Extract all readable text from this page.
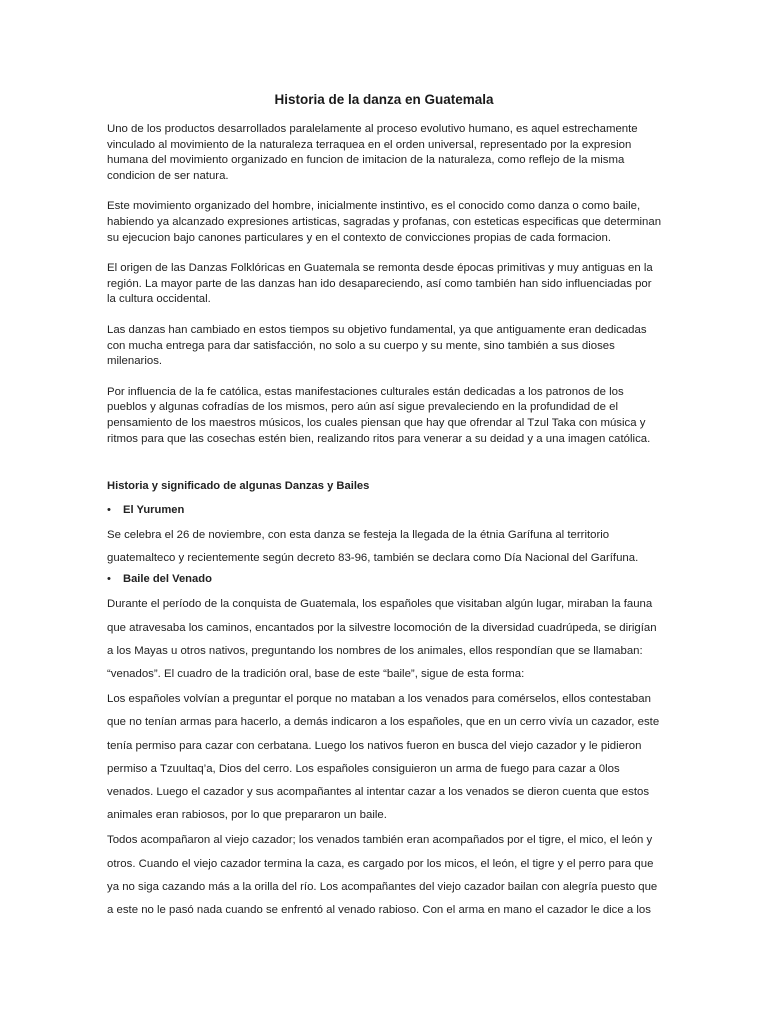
Historia de la danza en Guatemala

Uno de los productos desarrollados paralelamente al proceso evolutivo humano, es aquel estrechamente vinculado al movimiento de la naturaleza terraquea en el orden universal, representado por la expresion humana del movimiento organizado en funcion de imitacion de la naturaleza, como reflejo de la misma condicion de ser natura.

Este movimiento organizado del hombre, inicialmente instintivo, es el conocido como danza o como baile, habiendo ya alcanzado expresiones artisticas, sagradas y profanas, con esteticas especificas que determinan su ejecucion bajo canones particulares y en el contexto de convicciones propias de cada formacion.

El origen de las Danzas Folklóricas en Guatemala se remonta desde épocas primitivas y muy antiguas en la región. La mayor parte de las danzas han ido desapareciendo, así como también han sido influenciadas por la cultura occidental.

Las danzas han cambiado en estos tiempos su objetivo fundamental, ya que antiguamente eran dedicadas con mucha entrega para dar satisfacción, no solo a su cuerpo y su mente, sino también a sus dioses milenarios.

Por influencia de la fe católica, estas manifestaciones culturales están dedicadas a los patronos de los pueblos y algunas cofradías de los mismos, pero aún así sigue prevaleciendo en la profundidad de el pensamiento de los maestros músicos, los cuales piensan que hay que ofrendar al Tzul Taka con música y ritmos para que las cosechas estén bien, realizando ritos para venerar a su deidad y a una imagen católica.

Historia y significado de algunas Danzas y Bailes
• El Yurumen

Se celebra el 26 de noviembre, con esta danza se festeja la llegada de la étnia Garífuna al territorio guatemalteco y recientemente según decreto 83-96, también se declara como Día Nacional del Garífuna.

• Baile del Venado

Durante el período de la conquista de Guatemala, los españoles que visitaban algún lugar, miraban la fauna que atravesaba los caminos, encantados por la silvestre locomoción de la diversidad cuadrúpeda, se dirigían a los Mayas u otros nativos, preguntando los nombres de los animales, ellos respondían que se llamaban: “venados”. El cuadro de la tradición oral, base de este “baile”, sigue de esta forma:

Los españoles volvían a preguntar el porque no mataban a los venados para comérselos, ellos contestaban que no tenían armas para hacerlo, a demás indicaron a los españoles, que en un cerro vivía un cazador, este tenía permiso para cazar con cerbatana. Luego los nativos fueron en busca del viejo cazador y le pidieron permiso a Tzuultaq’a, Dios del cerro. Los españoles consiguieron un arma de fuego para cazar a 0los venados. Luego el cazador y sus acompañantes al intentar cazar a los venados se dieron cuenta que estos animales eran rabiosos, por lo que prepararon un baile.

Todos acompañaron al viejo cazador; los venados también eran acompañados por el tigre, el mico, el león y otros. Cuando el viejo cazador termina la caza, es cargado por los micos, el león, el tigre y el perro para que ya no siga cazando más a la orilla del río. Los acompañantes del viejo cazador bailan con alegría puesto que a este no le pasó nada cuando se enfrentó al venado rabioso. Con el arma en mano el cazador le dice a los
